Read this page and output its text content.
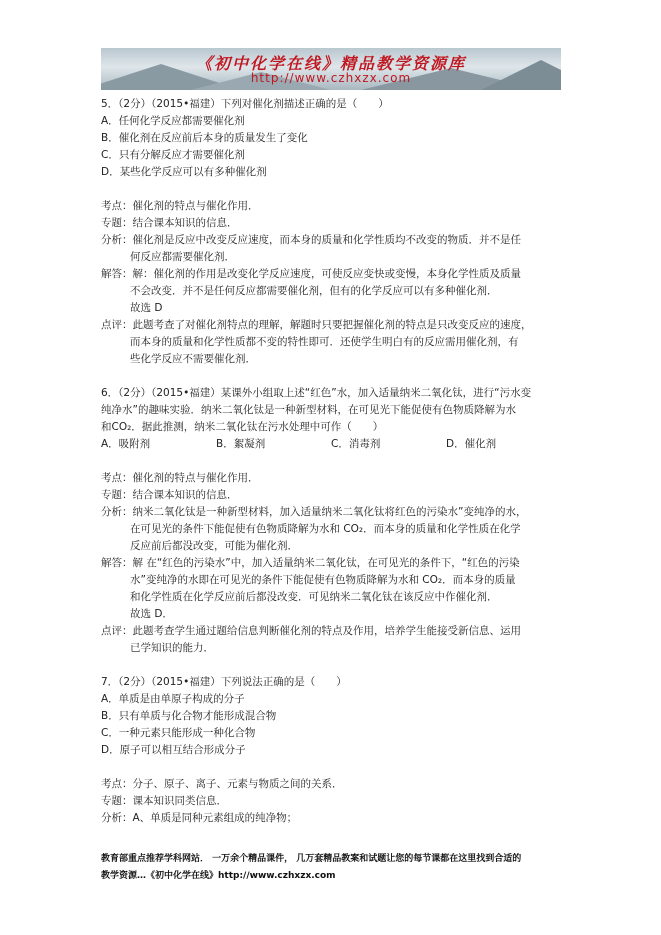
《初中化学在线》精品教学资源库
http://www.czhxzx.com
5．（2分）（2015•福建）下列对催化剂描述正确的是（　　）
A．任何化学反应都需要催化剂
B．催化剂在反应前后本身的质量发生了变化
C．只有分解反应才需要催化剂
D．某些化学反应可以有多种催化剂
考点：催化剂的特点与催化作用．
专题：结合课本知识的信息．
分析：催化剂是反应中改变反应速度，而本身的质量和化学性质均不改变的物质．并不是任
何反应都需要催化剂．
解答：解：催化剂的作用是改变化学反应速度，可使反应变快或变慢，本身化学性质及质量
不会改变．并不是任何反应都需要催化剂，但有的化学反应可以有多种催化剂．
故选 D
点评：此题考查了对催化剂特点的理解，解题时只要把握催化剂的特点是只改变反应的速度，
而本身的质量和化学性质都不变的特性即可．还使学生明白有的反应需用催化剂，有
些化学反应不需要催化剂．
6．（2分）（2015•福建）某课外小组取上述“红色”水，加入适量纳米二氧化钛，进行“污水变
纯净水”的趣味实验．纳米二氧化钛是一种新型材料，在可见光下能促使有色物质降解为水
和CO₂．据此推测，纳米二氧化钛在污水处理中可作（　　）
A．吸附剂	B．絮凝剂	C．消毒剂	D．催化剂
考点：催化剂的特点与催化作用．
专题：结合课本知识的信息．
分析：纳米二氧化钛是一种新型材料，加入适量纳米二氧化钛将红色的污染水”变纯净的水，
在可见光的条件下能促使有色物质降解为水和 CO₂．而本身的质量和化学性质在化学
反应前后都没改变，可能为催化剂．
解答：解 在“红色的污染水”中，加入适量纳米二氧化钛，在可见光的条件下，“红色的污染
水”变纯净的水即在可见光的条件下能促使有色物质降解为水和 CO₂．而本身的质量
和化学性质在化学反应前后都没改变．可见纳米二氧化钛在该反应中作催化剂．
故选 D．
点评：此题考查学生通过题给信息判断催化剂的特点及作用，培养学生能接受新信息、运用
已学知识的能力．
7．（2分）（2015•福建）下列说法正确的是（　　）
A．单质是由单原子构成的分子
B．只有单质与化合物才能形成混合物
C．一种元素只能形成一种化合物
D．原子可以相互结合形成分子
考点：分子、原子、离子、元素与物质之间的关系．
专题：课本知识同类信息．
分析：A、单质是同种元素组成的纯净物；
教育部重点推荐学科网站． 一万余个精品课件， 几万套精品教案和试题让您的每节课都在这里找到合适的
教学资源…《初中化学在线》http://www.czhxzx.com
